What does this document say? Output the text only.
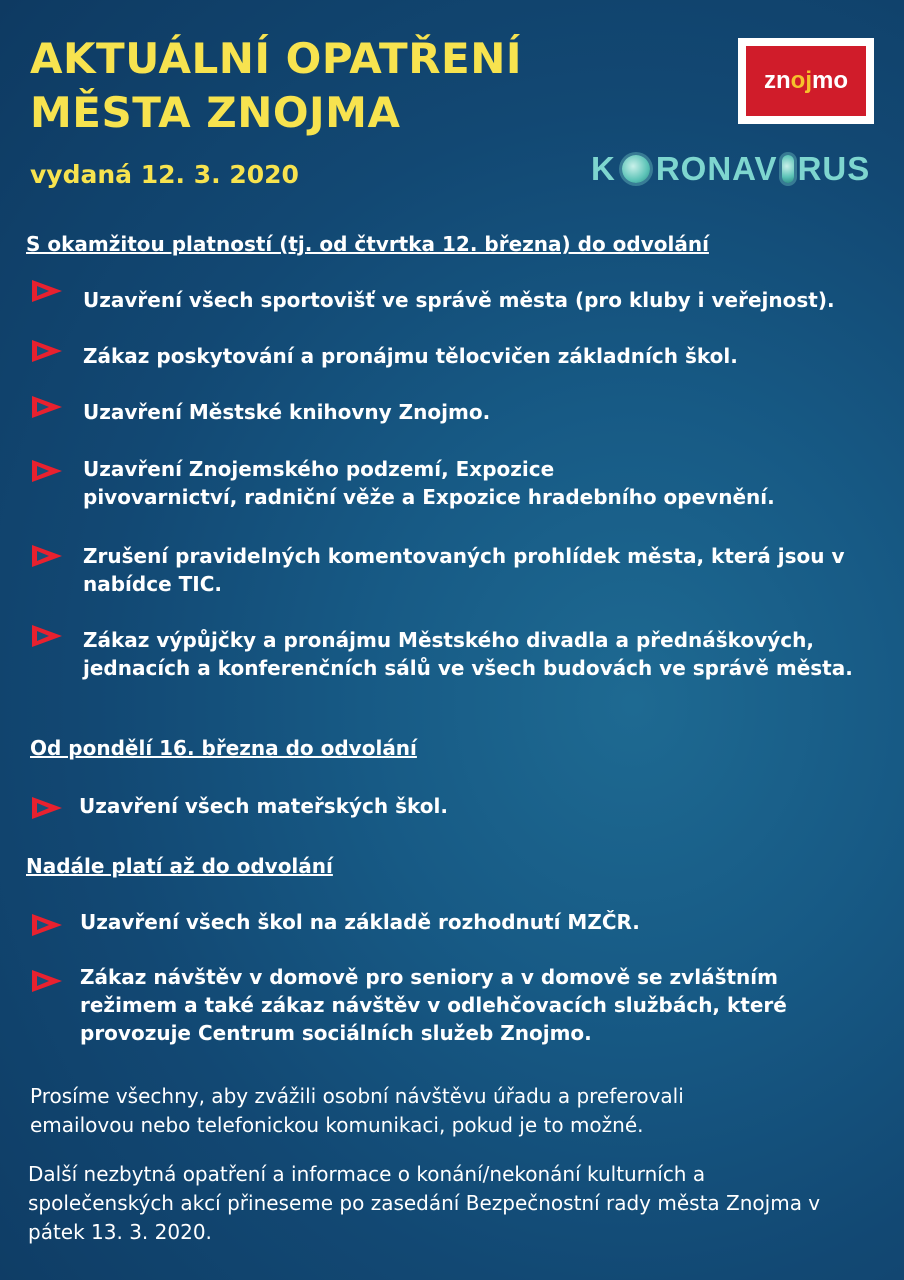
AKTUÁLNÍ OPATŘENÍ
MĚSTA ZNOJMA
vydaná 12. 3. 2020
zn oj mo
K RONAV RUS
S okamžitou platností (tj. od čtvrtka 12. března) do odvolání

Uzavření všech sportovišť ve správě města (pro kluby i veřejnost).

Zákaz poskytování a pronájmu tělocvičen základních škol.

Uzavření Městské knihovny Znojmo.

Uzavření Znojemského podzemí, Expozice
pivovarnictví, radniční věže a Expozice hradebního opevnění.

Zrušení pravidelných komentovaných prohlídek města, která jsou v nabídce TIC.

Zákaz výpůjčky a pronájmu Městského divadla a přednáškových, jednacích a konferenčních sálů ve všech budovách ve správě města.

Od pondělí 16. března do odvolání

Uzavření všech mateřských škol.

Nadále platí až do odvolání

Uzavření všech škol na základě rozhodnutí MZČR.

Zákaz návštěv v domově pro seniory a v domově se zvláštním režimem a také zákaz návštěv v odlehčovacích službách, které provozuje Centrum sociálních služeb Znojmo.

Prosíme všechny, aby zvážili osobní návštěvu úřadu a preferovali emailovou nebo telefonickou komunikaci, pokud je to možné.

Další nezbytná opatření a informace o konání/nekonání kulturních a společenských akcí přineseme po zasedání Bezpečnostní rady města Znojma v pátek 13. 3. 2020.
